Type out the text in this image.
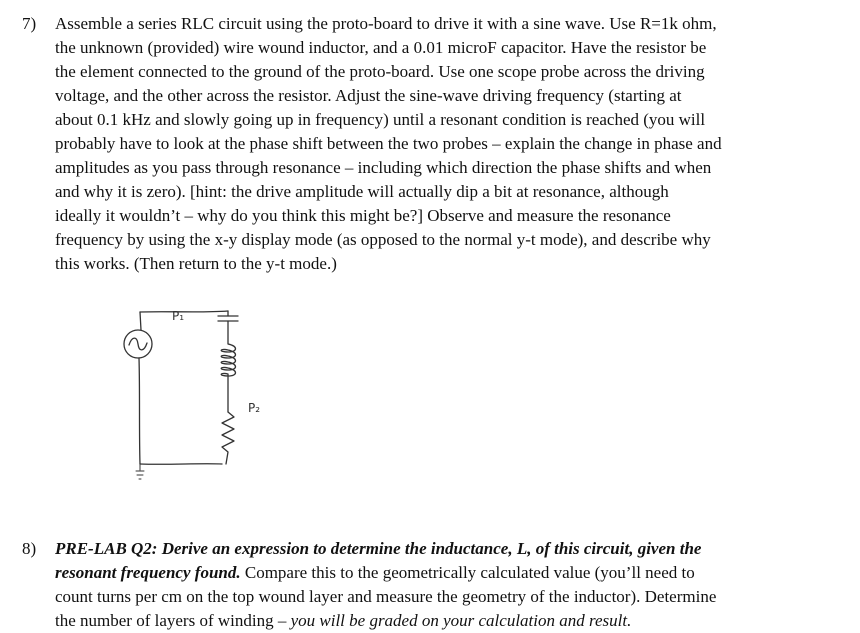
7) Assemble a series RLC circuit using the proto-board to drive it with a sine wave. Use R=1k ohm,
the unknown (provided) wire wound inductor, and a 0.01 microF capacitor. Have the resistor be
the element connected to the ground of the proto-board. Use one scope probe across the driving
voltage, and the other across the resistor. Adjust the sine-wave driving frequency (starting at
about 0.1 kHz and slowly going up in frequency) until a resonant condition is reached (you will
probably have to look at the phase shift between the two probes – explain the change in phase and
amplitudes as you pass through resonance – including which direction the phase shifts and when
and why it is zero). [hint: the drive amplitude will actually dip a bit at resonance, although
ideally it wouldn’t – why do you think this might be?] Observe and measure the resonance
frequency by using the x-y display mode (as opposed to the normal y-t mode), and describe why
this works. (Then return to the y-t mode.)
P₁
P₂
8) PRE-LAB Q2: Derive an expression to determine the inductance, L, of this circuit, given the
resonant frequency found. Compare this to the geometrically calculated value (you’ll need to
count turns per cm on the top wound layer and measure the geometry of the inductor). Determine
the number of layers of winding – you will be graded on your calculation and result.
